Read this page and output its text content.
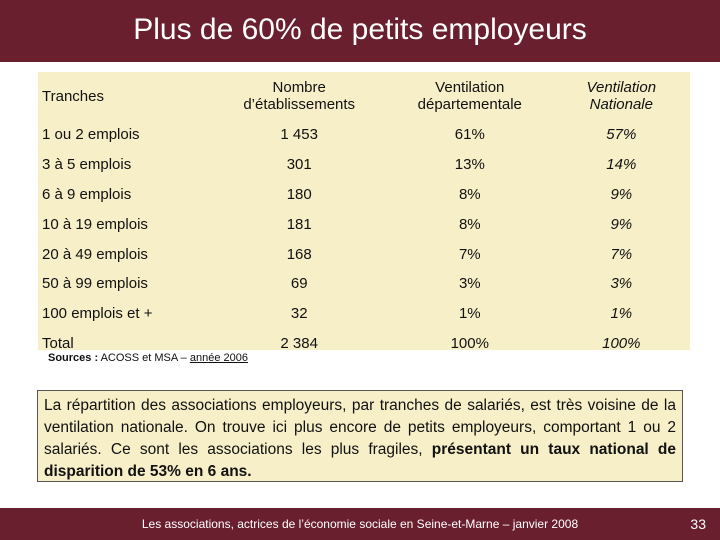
Plus de 60% de petits employeurs
Tranches	Nombre d’établissements	Ventilation départementale	Ventilation Nationale
1 ou 2 emplois	1 453	61%	57%
3 à 5 emplois	301	13%	14%
6 à 9 emplois	180	8%	9%
10 à 19 emplois	181	8%	9%
20 à 49 emplois	168	7%	7%
50 à 99 emplois	69	3%	3%
100 emplois et +	32	1%	1%
Total	2 384	100%	100%
Sources : ACOSS et MSA – année 2006
La répartition des associations employeurs, par tranches de salariés, est très voisine de la ventilation nationale. On trouve ici plus encore de petits employeurs, comportant 1 ou 2 salariés. Ce sont les associations les plus fragiles, présentant un taux national de disparition de 53% en 6 ans.
Les associations, actrices de l’économie sociale en Seine-et-Marne – janvier 2008	33
